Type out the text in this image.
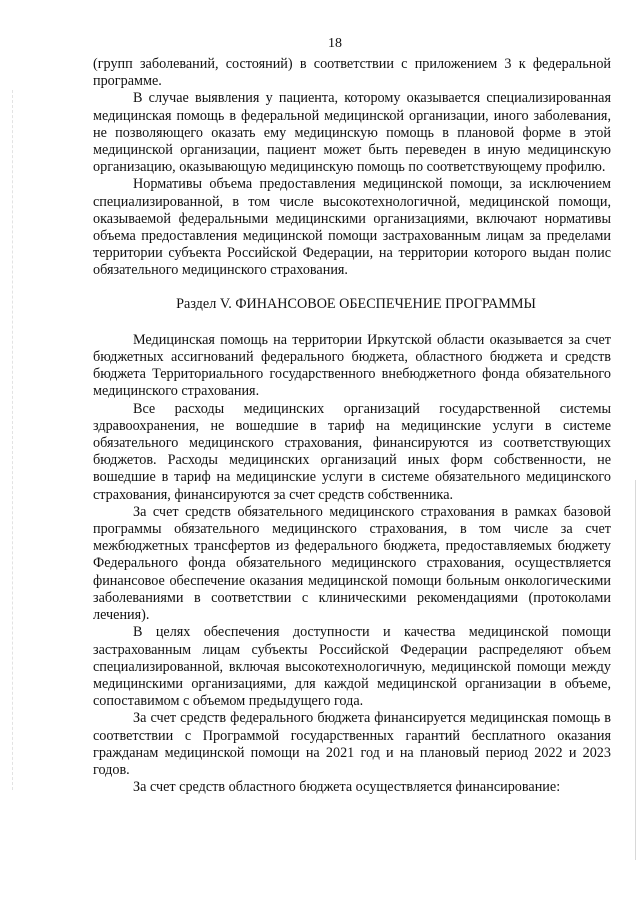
18

(групп заболеваний, состояний) в соответствии с приложением 3 к федеральной программе.

В случае выявления у пациента, которому оказывается специализированная медицинская помощь в федеральной медицинской организации, иного заболевания, не позволяющего оказать ему медицинскую помощь в плановой форме в этой медицинской организации, пациент может быть переведен в иную медицинскую организацию, оказывающую медицинскую помощь по соответствующему профилю.

Нормативы объема предоставления медицинской помощи, за исключением специализированной, в том числе высокотехнологичной, медицинской помощи, оказываемой федеральными медицинскими организациями, включают нормативы объема предоставления медицинской помощи застрахованным лицам за пределами территории субъекта Российской Федерации, на территории которого выдан полис обязательного медицинского страхования.

Раздел V. ФИНАНСОВОЕ ОБЕСПЕЧЕНИЕ ПРОГРАММЫ

Медицинская помощь на территории Иркутской области оказывается за счет бюджетных ассигнований федерального бюджета, областного бюджета и средств бюджета Территориального государственного внебюджетного фонда обязательного медицинского страхования.

Все расходы медицинских организаций государственной системы здравоохранения, не вошедшие в тариф на медицинские услуги в системе обязательного медицинского страхования, финансируются из соответствующих бюджетов. Расходы медицинских организаций иных форм собственности, не вошедшие в тариф на медицинские услуги в системе обязательного медицинского страхования, финансируются за счет средств собственника.

За счет средств обязательного медицинского страхования в рамках базовой программы обязательного медицинского страхования, в том числе за счет межбюджетных трансфертов из федерального бюджета, предоставляемых бюджету Федерального фонда обязательного медицинского страхования, осуществляется финансовое обеспечение оказания медицинской помощи больным онкологическими заболеваниями в соответствии с клиническими рекомендациями (протоколами лечения).

В целях обеспечения доступности и качества медицинской помощи застрахованным лицам субъекты Российской Федерации распределяют объем специализированной, включая высокотехнологичную, медицинской помощи между медицинскими организациями, для каждой медицинской организации в объеме, сопоставимом с объемом предыдущего года.

За счет средств федерального бюджета финансируется медицинская помощь в соответствии с Программой государственных гарантий бесплатного оказания гражданам медицинской помощи на 2021 год и на плановый период 2022 и 2023 годов.

За счет средств областного бюджета осуществляется финансирование:
